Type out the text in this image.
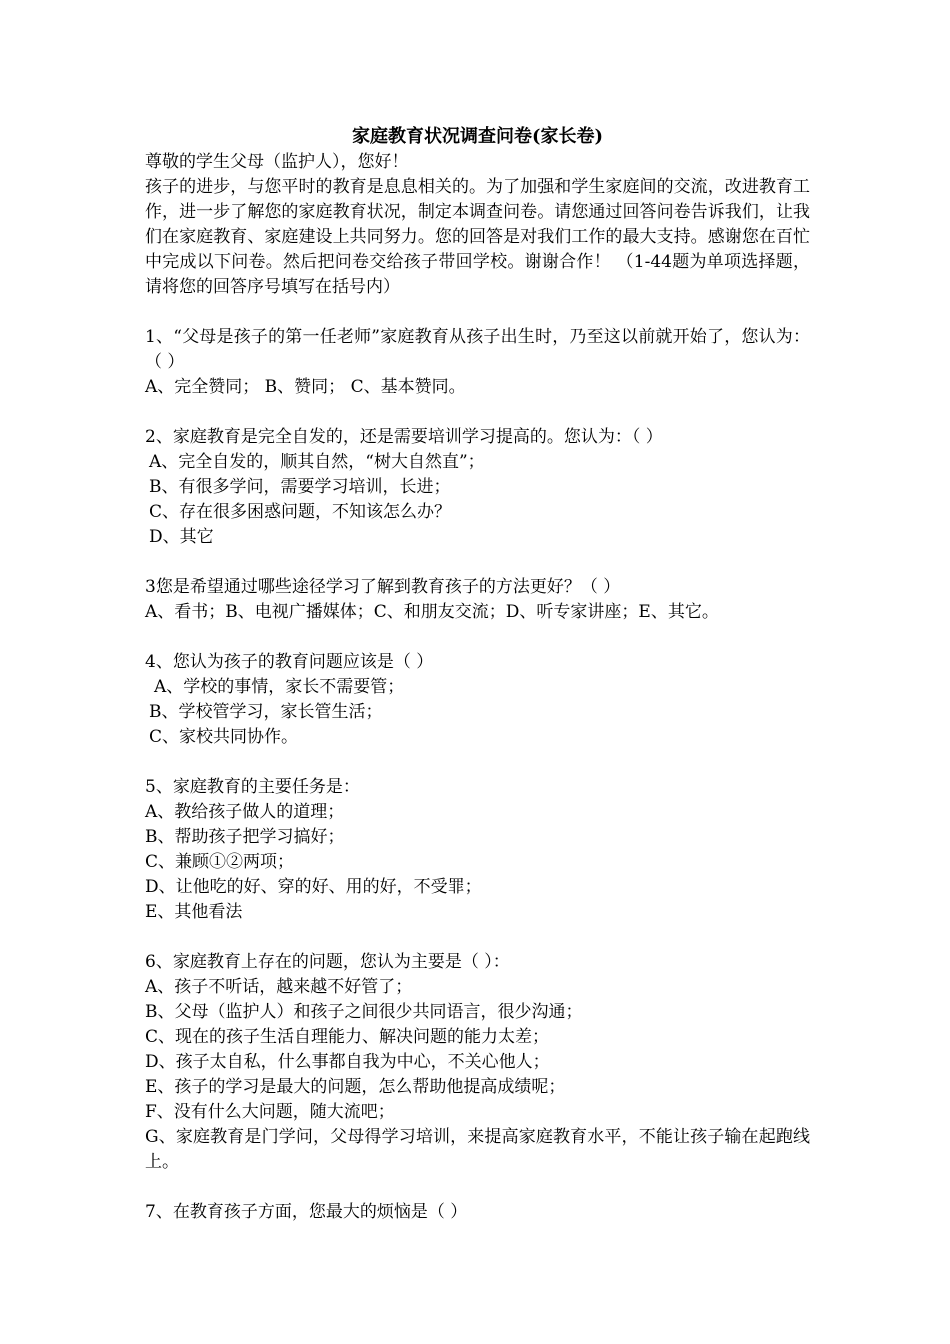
家庭教育状况调查问卷(家长卷)

尊敬的学生父母（监护人），您好！

孩子的进步，与您平时的教育是息息相关的。为了加强和学生家庭间的交流，改进教育工作，进一步了解您的家庭教育状况，制定本调查问卷。请您通过回答问卷告诉我们，让我们在家庭教育、家庭建设上共同努力。您的回答是对我们工作的最大支持。感谢您在百忙中完成以下问卷。然后把问卷交给孩子带回学校。谢谢合作！ （1-44题为单项选择题，请将您的回答序号填写在括号内）

1、“父母是孩子的第一任老师”家庭教育从孩子出生时，乃至这以前就开始了，您认为：（ ）

A、完全赞同； B、赞同； C、基本赞同。

2、家庭教育是完全自发的，还是需要培训学习提高的。您认为：（ ）

A、完全自发的，顺其自然，“树大自然直”；

B、有很多学问，需要学习培训，长进；

C、存在很多困惑问题，不知该怎么办？

D、其它

3您是希望通过哪些途径学习了解到教育孩子的方法更好？（ ）

A、看书；B、电视广播媒体；C、和朋友交流；D、听专家讲座；E、其它。

4、您认为孩子的教育问题应该是（ ）

A、学校的事情，家长不需要管；

B、学校管学习，家长管生活；

C、家校共同协作。

5、家庭教育的主要任务是：

A、教给孩子做人的道理；

B、帮助孩子把学习搞好；

C、兼顾①②两项；

D、让他吃的好、穿的好、用的好，不受罪；

E、其他看法

6、家庭教育上存在的问题，您认为主要是（ ）：

A、孩子不听话，越来越不好管了；

B、父母（监护人）和孩子之间很少共同语言，很少沟通；

C、现在的孩子生活自理能力、解决问题的能力太差；

D、孩子太自私，什么事都自我为中心，不关心他人；

E、孩子的学习是最大的问题，怎么帮助他提高成绩呢；

F、没有什么大问题，随大流吧；

G、家庭教育是门学问，父母得学习培训，来提高家庭教育水平，不能让孩子输在起跑线上。

7、在教育孩子方面，您最大的烦恼是（ ）
